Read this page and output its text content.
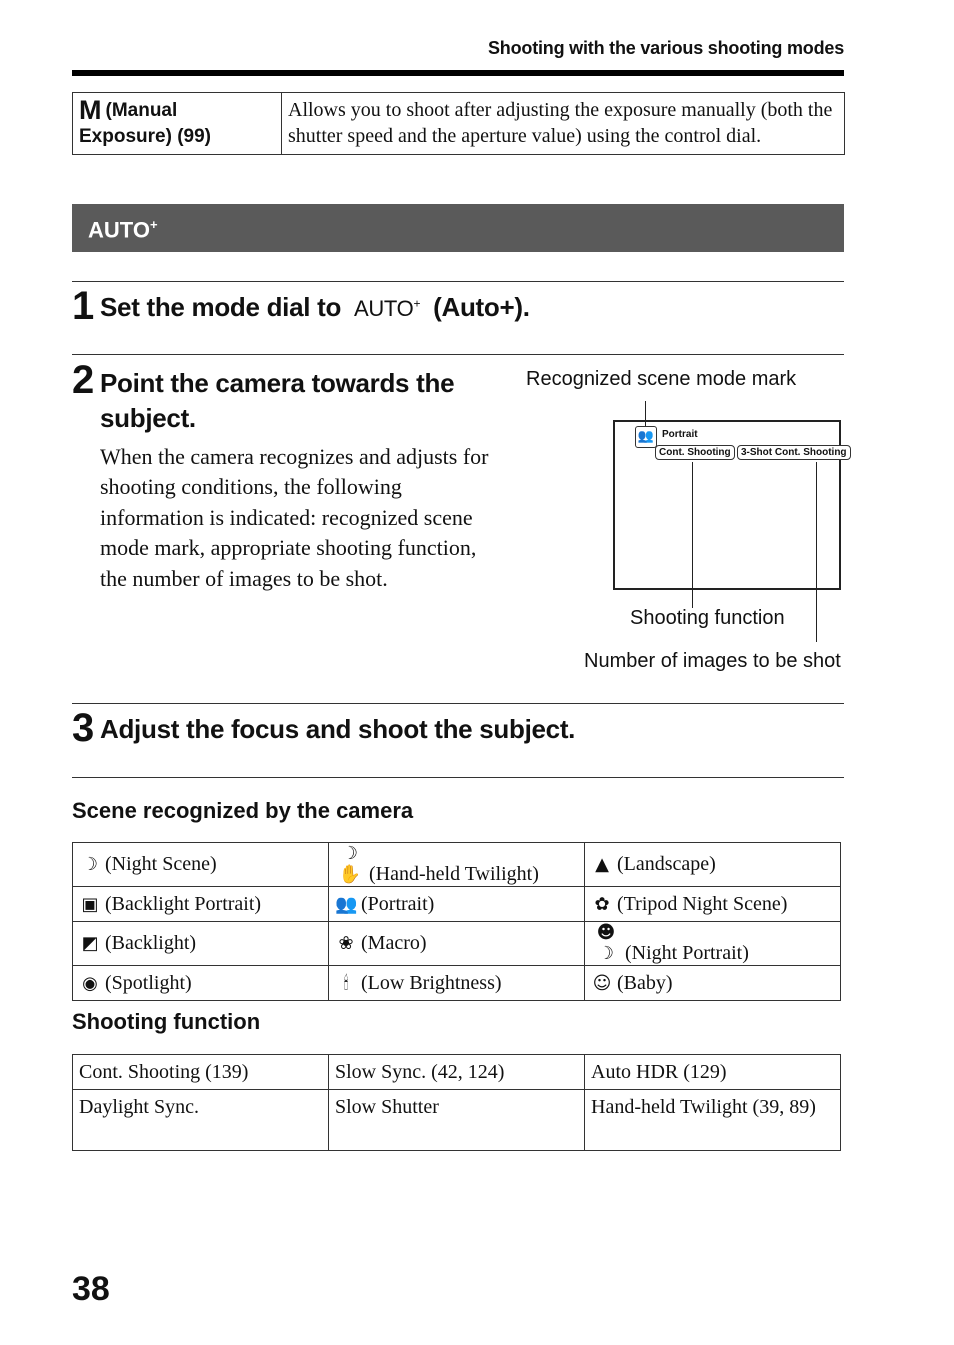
Shooting with the various shooting modes
M (Manual Exposure) (99)	Allows you to shoot after adjusting the exposure manually (both the shutter speed and the aperture value) using the control dial.
AUTO+
1 Set the mode dial to AUTO+ (Auto+).
2 Point the camera towards the subject.
When the camera recognizes and adjusts for shooting conditions, the following information is indicated: recognized scene mode mark, appropriate shooting function, the number of images to be shot.
Recognized scene mode mark
👥 Portrait
Cont. Shooting	3-Shot Cont. Shooting
Shooting function
Number of images to be shot
3 Adjust the focus and shoot the subject.
Scene recognized by the camera
☽ (Night Scene)	☽✋ (Hand-held Twilight)	▲ (Landscape)
▣ (Backlight Portrait)	👥 (Portrait)	✿ (Tripod Night Scene)
◩ (Backlight)	❀ (Macro)	☻☽ (Night Portrait)
◉ (Spotlight)	🕯 (Low Brightness)	☺ (Baby)
Shooting function
Cont. Shooting (139)	Slow Sync. (42, 124)	Auto HDR (129)
Daylight Sync.	Slow Shutter	Hand-held Twilight (39, 89)
38
